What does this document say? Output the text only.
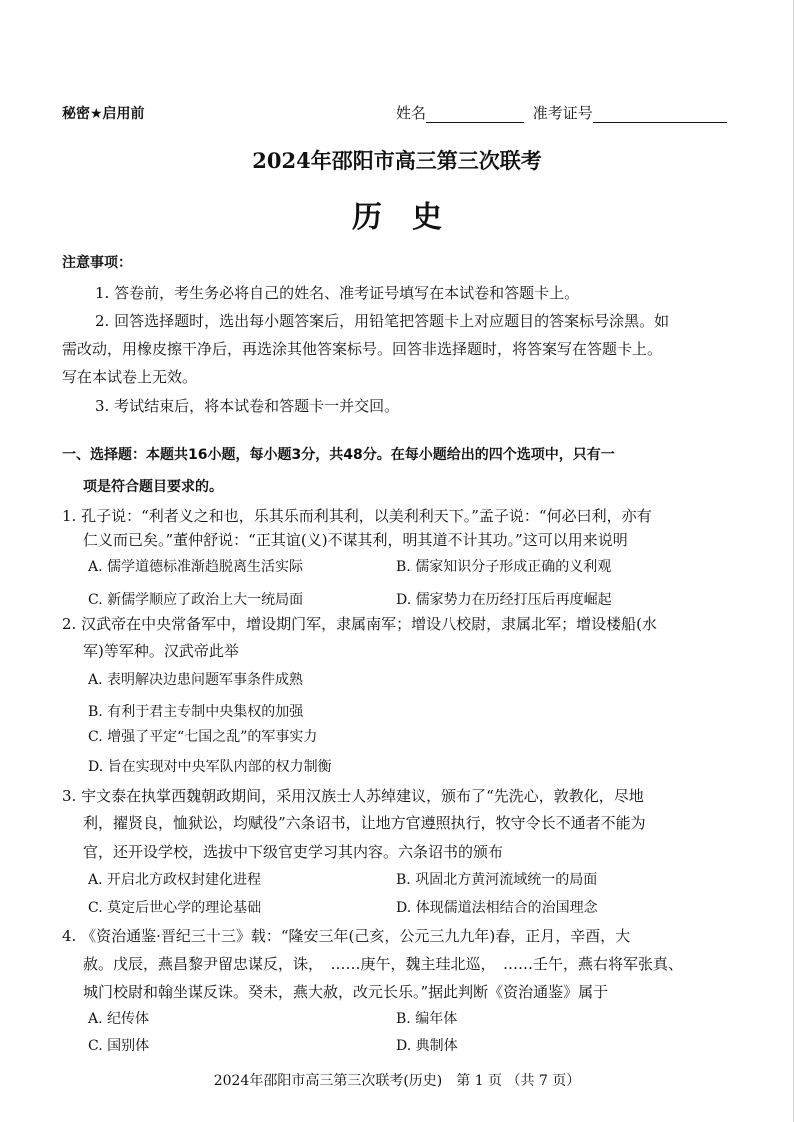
秘密★启用前	姓名	准考证号
2024年邵阳市高三第三次联考
历　史
注意事项：
1. 答卷前，考生务必将自己的姓名、准考证号填写在本试卷和答题卡上。
2. 回答选择题时，选出每小题答案后，用铅笔把答题卡上对应题目的答案标号涂黑。如
需改动，用橡皮擦干净后，再选涂其他答案标号。回答非选择题时，将答案写在答题卡上。
写在本试卷上无效。
3. 考试结束后，将本试卷和答题卡一并交回。
一、选择题：本题共16小题，每小题3分，共48分。在每小题给出的四个选项中，只有一
项是符合题目要求的。
1. 孔子说：“利者义之和也，乐其乐而利其利，以美利利天下。”孟子说：“何必曰利，亦有
仁义而已矣。”董仲舒说：“正其谊(义)不谋其利，明其道不计其功。”这可以用来说明
A. 儒学道德标准渐趋脱离生活实际	B. 儒家知识分子形成正确的义利观
C. 新儒学顺应了政治上大一统局面	D. 儒家势力在历经打压后再度崛起
2. 汉武帝在中央常备军中，增设期门军，隶属南军；增设八校尉，隶属北军；增设楼船(水
军)等军种。汉武帝此举
A. 表明解决边患问题军事条件成熟
B. 有利于君主专制中央集权的加强
C. 增强了平定“七国之乱”的军事实力
D. 旨在实现对中央军队内部的权力制衡
3. 宇文泰在执掌西魏朝政期间，采用汉族士人苏绰建议，颁布了“先洗心，敦教化，尽地
利，擢贤良，恤狱讼，均赋役”六条诏书，让地方官遵照执行，牧守令长不通者不能为
官，还开设学校，选拔中下级官吏学习其内容。六条诏书的颁布
A. 开启北方政权封建化进程	B. 巩固北方黄河流域统一的局面
C. 莫定后世心学的理论基础	D. 体现儒道法相结合的治国理念
4. 《资治通鉴·晋纪三十三》载：“隆安三年(己亥，公元三九九年)春，正月，辛酉，大
赦。戊辰，燕昌黎尹留忠谋反，诛，　……庚午，魏主珪北巡，　……壬午，燕右将军张真、
城门校尉和翰坐谋反诛。癸未，燕大赦，改元长乐。”据此判断《资治通鉴》属于
A. 纪传体	B. 编年体
C. 国别体	D. 典制体
2024年邵阳市高三第三次联考(历史)　第 1 页 （共 7 页）
